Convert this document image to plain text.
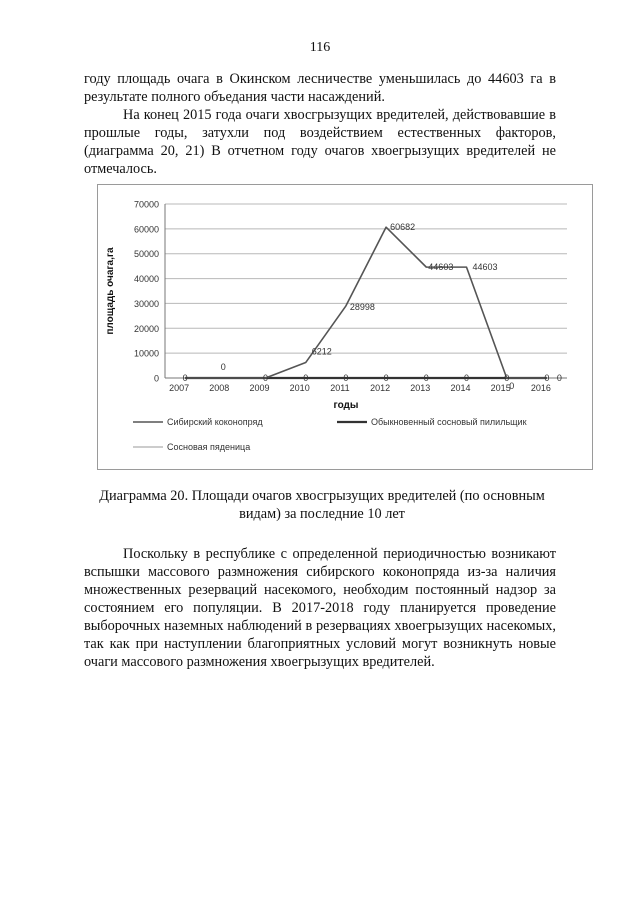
116

году площадь очага в Окинском лесничестве уменьшилась до 44603 га в результате полного объедания части насаждений.

На конец 2015 года очаги хвосгрызущих вредителей, действовавшие в прошлые годы, затухли под воздействием естественных факторов, (диаграмма 20, 21) В отчетном году очагов хвоегрызущих вредителей не отмечалось.

0
10000
20000
30000
40000
50000
60000
70000
2007 2008 2009 2010 2011 2012 2013 2014 2015 2016
годы
площадь очага,га
0
6212
28998
60682
44603 44603
0
0	0	0	0	0	0	0	0	0 0
Сибирский коконопряд	Обыкновенный сосновый пилильщик
Сосновая пяденица

Диаграмма 20. Площади очагов хвосгрызущих вредителей (по основным видам) за последние 10 лет

Поскольку в республике с определенной периодичностью возникают вспышки массового размножения сибирского коконопряда из-за наличия множественных резерваций насекомого, необходим постоянный надзор за состоянием его популяции. В 2017-2018 году планируется проведение выборочных наземных наблюдений в резервациях хвоегрызущих насекомых, так как при наступлении благоприятных условий могут возникнуть новые очаги массового размножения хвоегрызущих вредителей.
